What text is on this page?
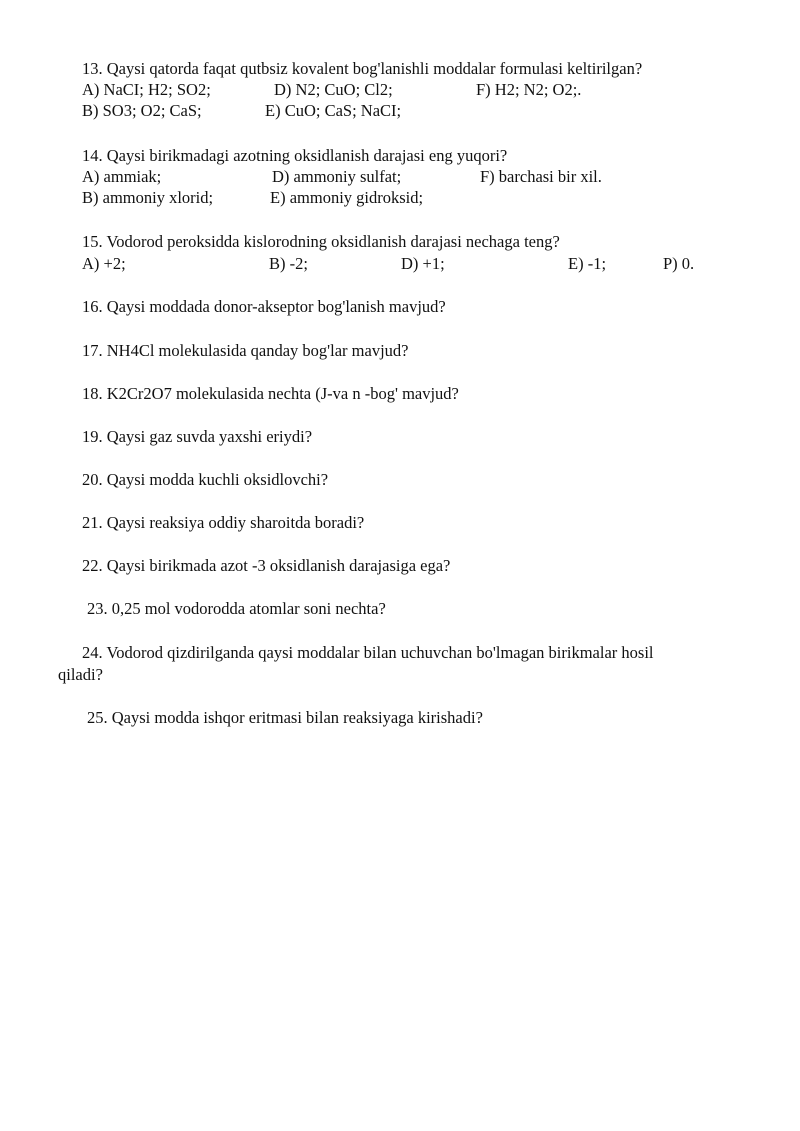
13. Qaysi qatorda faqat qutbsiz kovalent bog'lanishli moddalar formulasi keltirilgan?
A) NaCI; H2; SO2;	D) N2; CuO; Cl2;	F) H2; N2; O2;.
B) SO3; O2; CaS;	E) CuO; CaS; NaCI;
14. Qaysi birikmadagi azotning oksidlanish darajasi eng yuqori?
A) ammiak;	D) ammoniy sulfat;	F) barchasi bir xil.
B) ammoniy xlorid;	E) ammoniy gidroksid;
15. Vodorod peroksidda kislorodning oksidlanish darajasi nechaga teng?
A) +2;	B) -2;	D) +1;	E) -1;	P) 0.
16. Qaysi moddada donor-akseptor bog'lanish mavjud?
17. NH4Cl molekulasida qanday bog'lar mavjud?
18. K2Cr2O7 molekulasida nechta (J-va n -bog' mavjud?
19. Qaysi gaz suvda yaxshi eriydi?
20. Qaysi modda kuchli oksidlovchi?
21. Qaysi reaksiya oddiy sharoitda boradi?
22. Qaysi birikmada azot -3 oksidlanish darajasiga ega?
23. 0,25 mol vodorodda atomlar soni nechta?
24. Vodorod qizdirilganda qaysi moddalar bilan uchuvchan bo'lmagan birikmalar hosil
qiladi?
25. Qaysi modda ishqor eritmasi bilan reaksiyaga kirishadi?
